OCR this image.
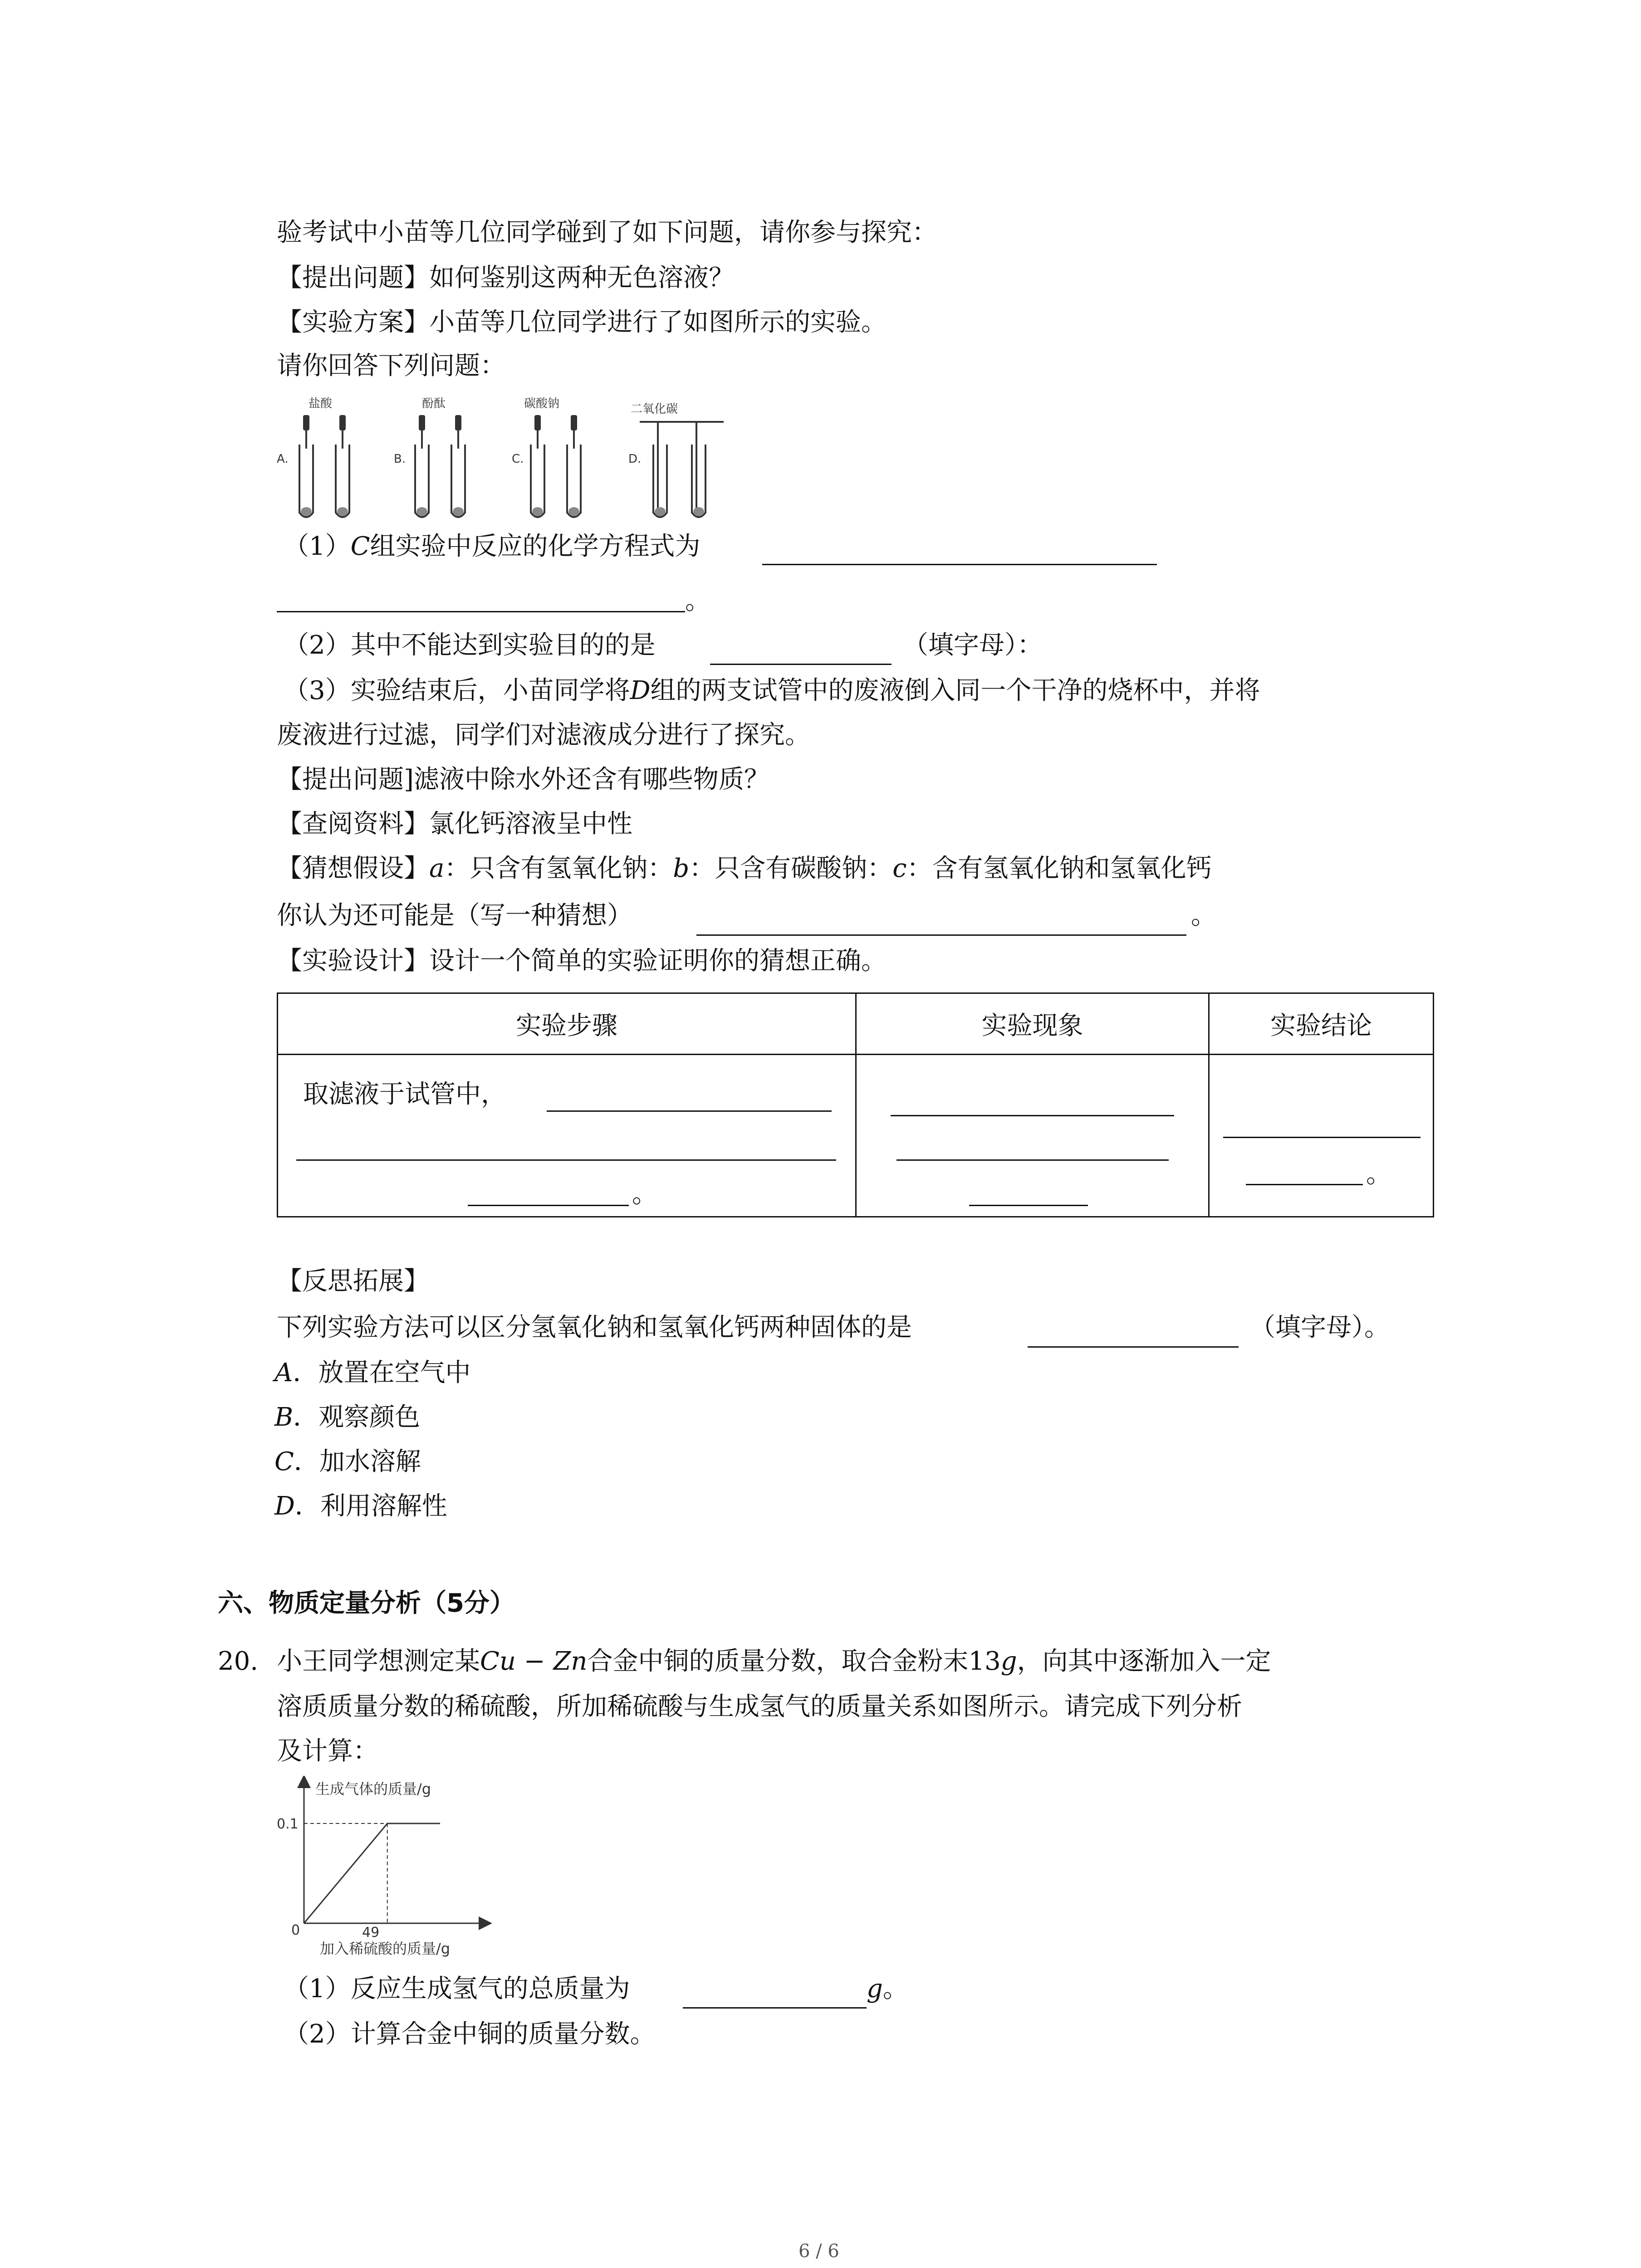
验考试中小苗等几位同学碰到了如下问题，请你参与探究：
【提出问题】如何鉴别这两种无色溶液？
【实验方案】小苗等几位同学进行了如图所示的实验。
请你回答下列问题：
盐酸
A.
酚酞
B.
碳酸钠
C.
二氧化碳
D.
（1）C组实验中反应的化学方程式为
。
（2）其中不能达到实验目的的是	（填字母）：
（3）实验结束后，小苗同学将D组的两支试管中的废液倒入同一个干净的烧杯中，并将
废液进行过滤，同学们对滤液成分进行了探究。
【提出问题]滤液中除水外还含有哪些物质？
【查阅资料】氯化钙溶液呈中性
【猜想假设】a：只含有氢氧化钠：b：只含有碳酸钠：c：含有氢氧化钠和氢氧化钙
你认为还可能是（写一种猜想）	。
【实验设计】设计一个简单的实验证明你的猜想正确。
实验步骤	实验现象	实验结论

取滤液于试管中，
。		。
【反思拓展】
下列实验方法可以区分氢氧化钠和氢氧化钙两种固体的是	（填字母）。
A．放置在空气中
B．观察颜色
C．加水溶解
D．利用溶解性
六、物质定量分析（5分）
20. 小王同学想测定某Cu − Zn合金中铜的质量分数，取合金粉末13g，向其中逐渐加入一定
溶质质量分数的稀硫酸，所加稀硫酸与生成氢气的质量关系如图所示。请完成下列分析
及计算：
生成气体的质量/g
加入稀硫酸的质量/g
0.1
49
0
（1）反应生成氢气的总质量为	g。
（2）计算合金中铜的质量分数。
6 / 6
